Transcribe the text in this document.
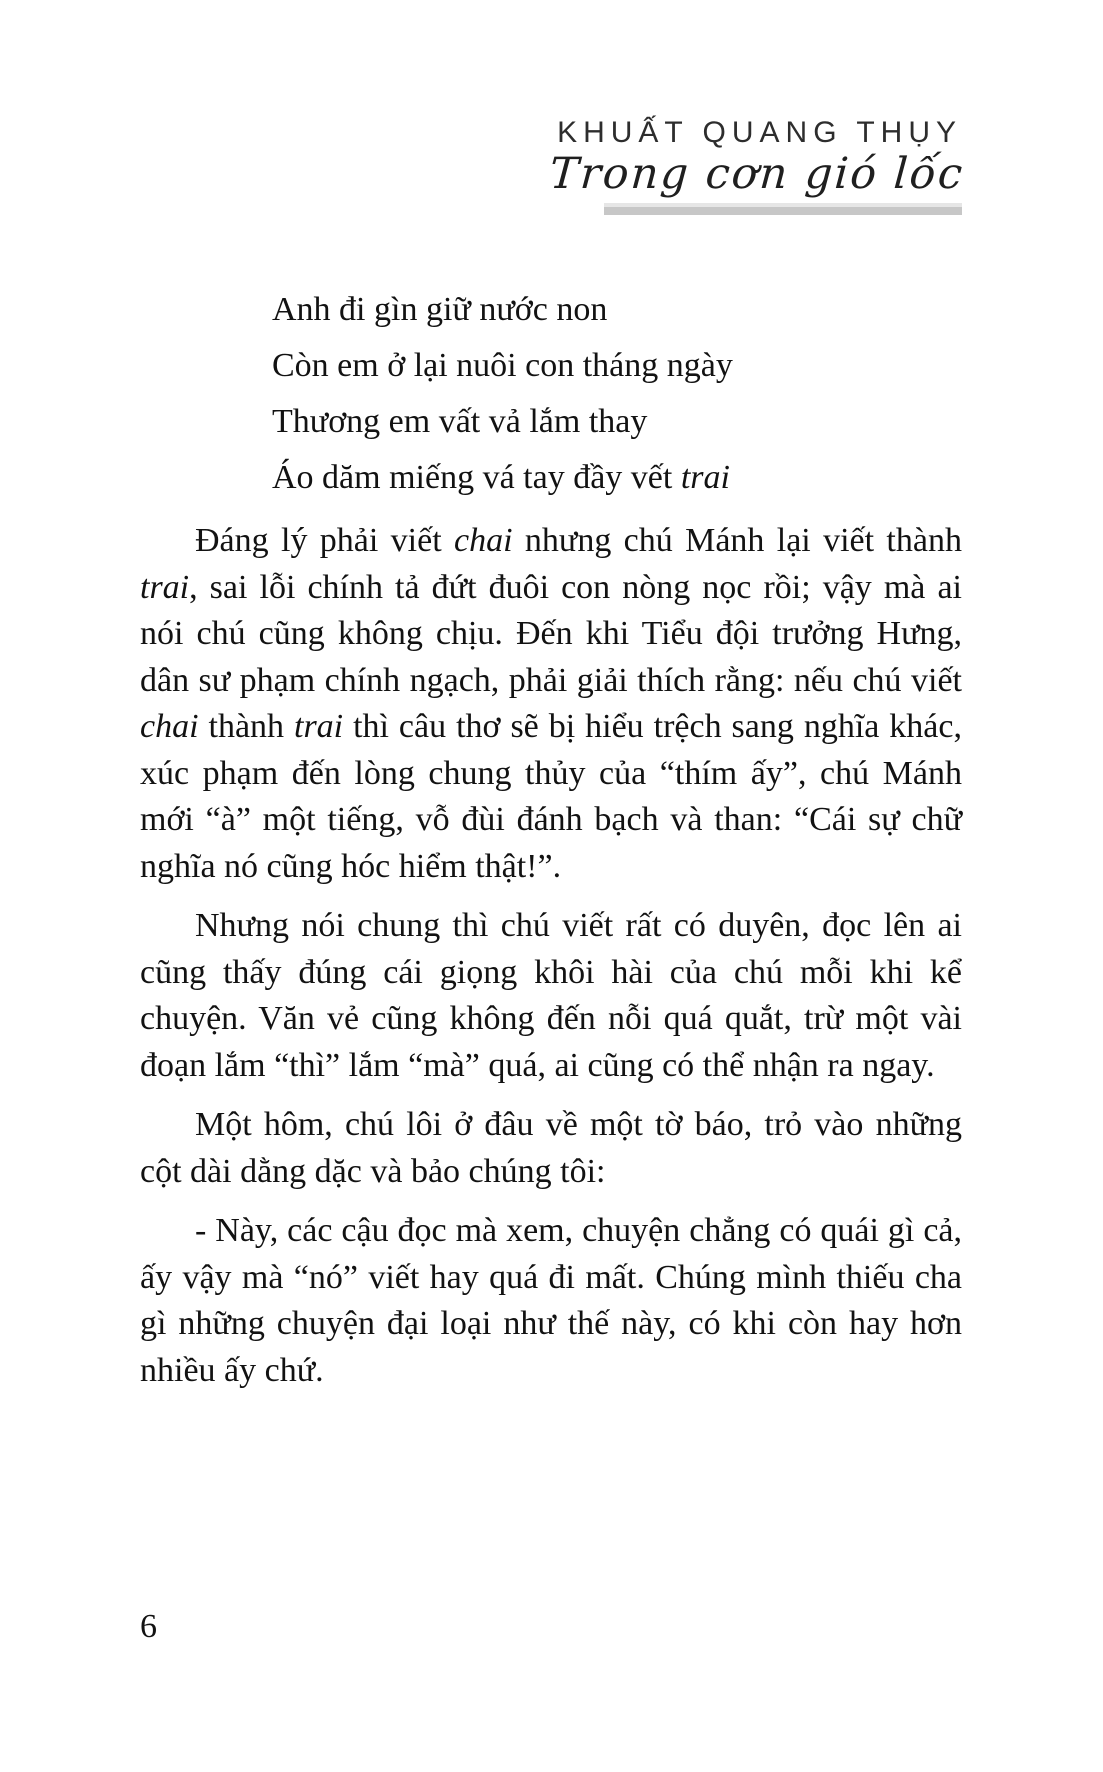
KHUẤT QUANG THỤY
Trong cơn gió lốc
Anh đi gìn giữ nước non
Còn em ở lại nuôi con tháng ngày
Thương em vất vả lắm thay
Áo dăm miếng vá tay đầy vết trai

Đáng lý phải viết chai nhưng chú Mánh lại viết thành trai, sai lỗi chính tả đứt đuôi con nòng nọc rồi; vậy mà ai nói chú cũng không chịu. Đến khi Tiểu đội trưởng Hưng, dân sư phạm chính ngạch, phải giải thích rằng: nếu chú viết chai thành trai thì câu thơ sẽ bị hiểu trệch sang nghĩa khác, xúc phạm đến lòng chung thủy của “thím ấy”, chú Mánh mới “à” một tiếng, vỗ đùi đánh bạch và than: “Cái sự chữ nghĩa nó cũng hóc hiểm thật!”.

Nhưng nói chung thì chú viết rất có duyên, đọc lên ai cũng thấy đúng cái giọng khôi hài của chú mỗi khi kể chuyện. Văn vẻ cũng không đến nỗi quá quắt, trừ một vài đoạn lắm “thì” lắm “mà” quá, ai cũng có thể nhận ra ngay.

Một hôm, chú lôi ở đâu về một tờ báo, trỏ vào những cột dài dằng dặc và bảo chúng tôi:

- Này, các cậu đọc mà xem, chuyện chẳng có quái gì cả, ấy vậy mà “nó” viết hay quá đi mất. Chúng mình thiếu cha gì những chuyện đại loại như thế này, có khi còn hay hơn nhiều ấy chứ.

6
